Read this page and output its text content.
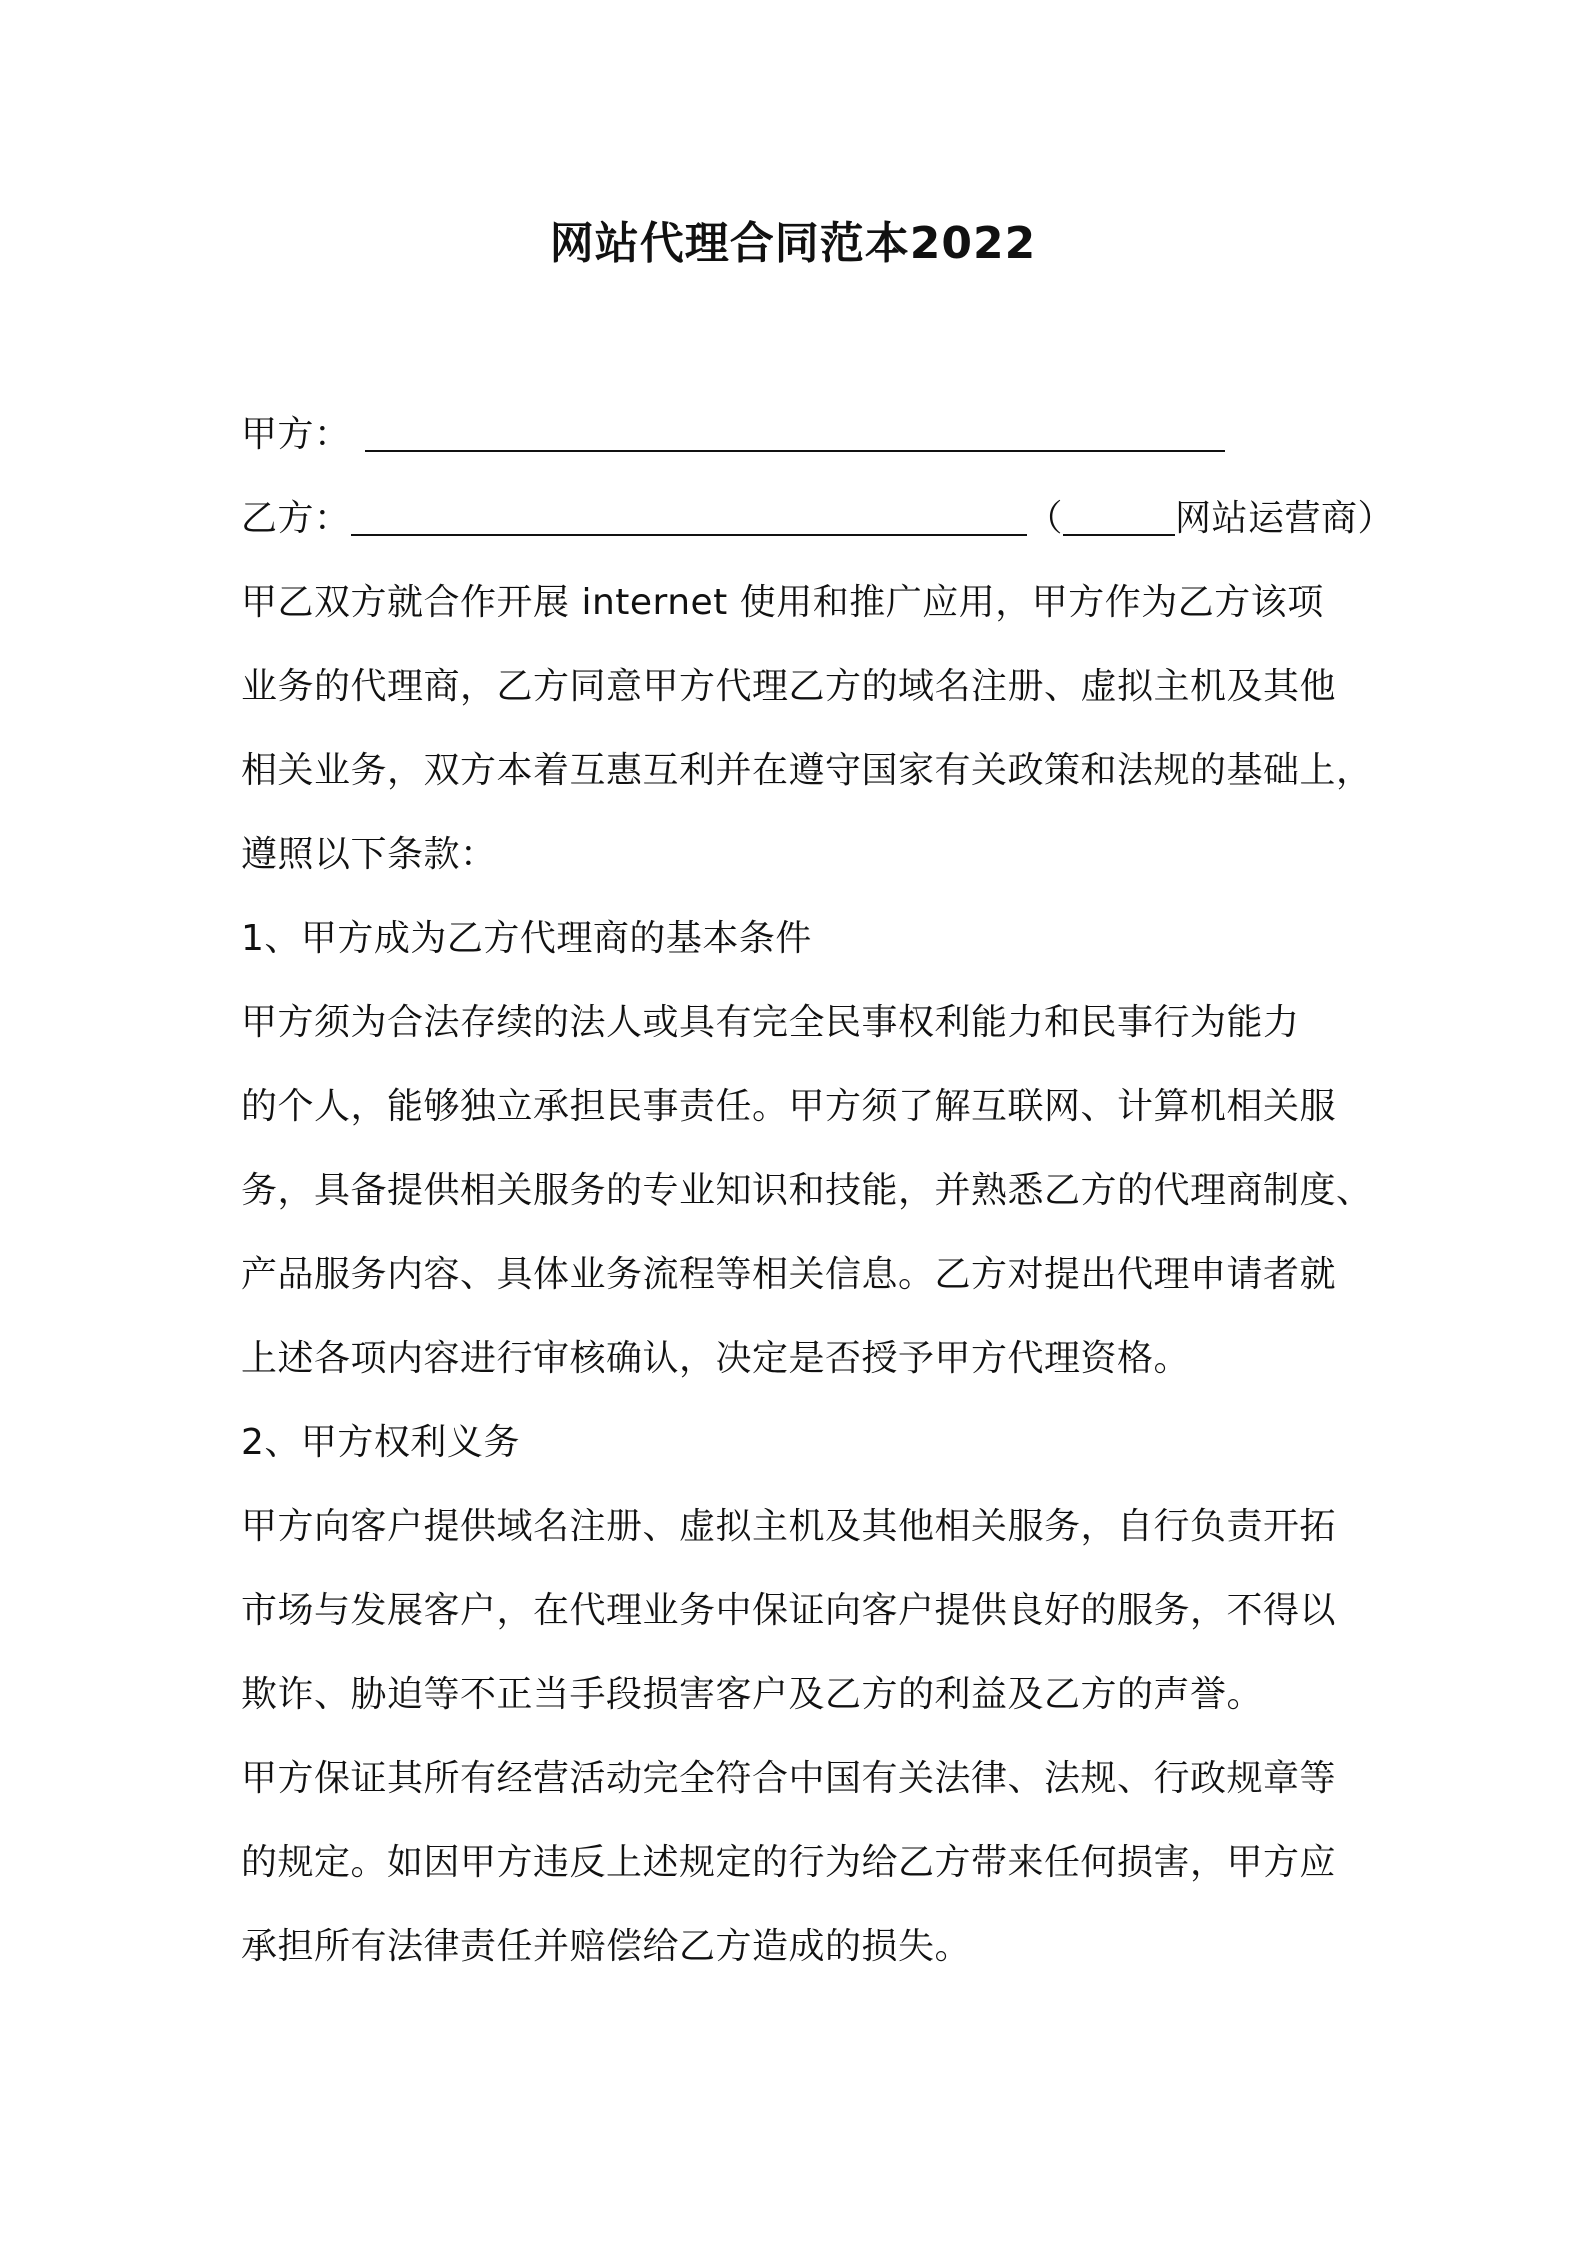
网站代理合同范本2022
甲方：
乙方：	（	网站运营商）
甲乙双方就合作开展 internet 使用和推广应用，甲方作为乙方该项
业务的代理商，乙方同意甲方代理乙方的域名注册、虚拟主机及其他
相关业务，双方本着互惠互利并在遵守国家有关政策和法规的基础上，
遵照以下条款：
1、甲方成为乙方代理商的基本条件
甲方须为合法存续的法人或具有完全民事权利能力和民事行为能力
的个人，能够独立承担民事责任。甲方须了解互联网、计算机相关服
务，具备提供相关服务的专业知识和技能，并熟悉乙方的代理商制度、
产品服务内容、具体业务流程等相关信息。乙方对提出代理申请者就
上述各项内容进行审核确认，决定是否授予甲方代理资格。
2、甲方权利义务
甲方向客户提供域名注册、虚拟主机及其他相关服务，自行负责开拓
市场与发展客户，在代理业务中保证向客户提供良好的服务，不得以
欺诈、胁迫等不正当手段损害客户及乙方的利益及乙方的声誉。
甲方保证其所有经营活动完全符合中国有关法律、法规、行政规章等
的规定。如因甲方违反上述规定的行为给乙方带来任何损害，甲方应
承担所有法律责任并赔偿给乙方造成的损失。
